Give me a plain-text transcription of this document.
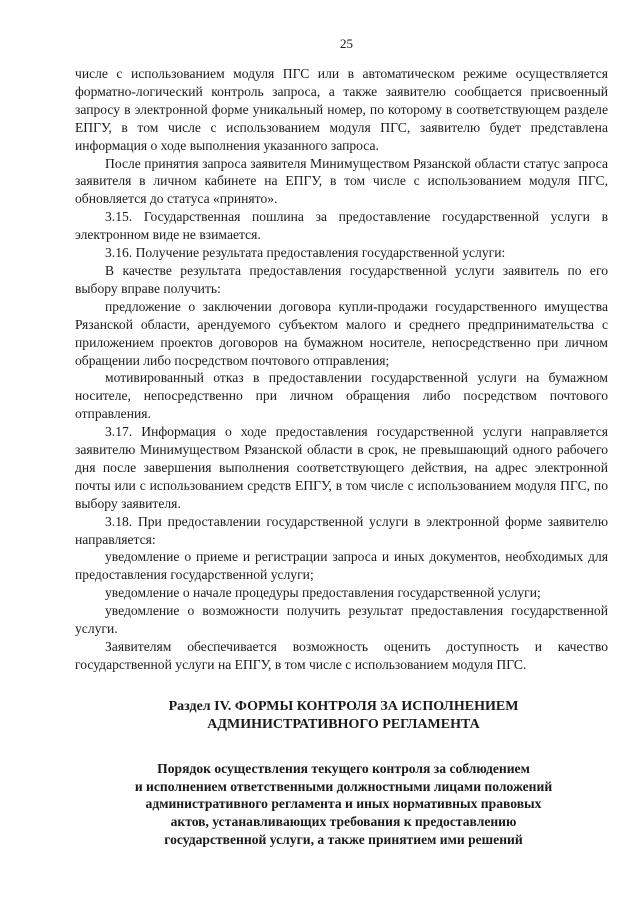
25

числе с использованием модуля ПГС или в автоматическом режиме осуществляется форматно-логический контроль запроса, а также заявителю сообщается присвоенный запросу в электронной форме уникальный номер, по которому в соответствующем разделе ЕПГУ, в том числе с использованием модуля ПГС, заявителю будет представлена информация о ходе выполнения указанного запроса.

После принятия запроса заявителя Минимуществом Рязанской области статус запроса заявителя в личном кабинете на ЕПГУ, в том числе с использованием модуля ПГС, обновляется до статуса «принято».

3.15. Государственная пошлина за предоставление государственной услуги в электронном виде не взимается.

3.16. Получение результата предоставления государственной услуги:

В качестве результата предоставления государственной услуги заявитель по его выбору вправе получить:

предложение о заключении договора купли-продажи государственного имущества Рязанской области, арендуемого субъектом малого и среднего предпринимательства с приложением проектов договоров на бумажном носителе, непосредственно при личном обращении либо посредством почтового отправления;

мотивированный отказ в предоставлении государственной услуги на бумажном носителе, непосредственно при личном обращения либо посредством почтового отправления.

3.17. Информация о ходе предоставления государственной услуги направляется заявителю Минимуществом Рязанской области в срок, не превышающий одного рабочего дня после завершения выполнения соответствующего действия, на адрес электронной почты или с использованием средств ЕПГУ, в том числе с использованием модуля ПГС, по выбору заявителя.

3.18. При предоставлении государственной услуги в электронной форме заявителю направляется:

уведомление о приеме и регистрации запроса и иных документов, необходимых для предоставления государственной услуги;

уведомление о начале процедуры предоставления государственной услуги;

уведомление о возможности получить результат предоставления государственной услуги.

Заявителям обеспечивается возможность оценить доступность и качество государственной услуги на ЕПГУ, в том числе с использованием модуля ПГС.

Раздел IV. ФОРМЫ КОНТРОЛЯ ЗА ИСПОЛНЕНИЕМ
АДМИНИСТРАТИВНОГО РЕГЛАМЕНТА
Порядок осуществления текущего контроля за соблюдением
и исполнением ответственными должностными лицами положений
административного регламента и иных нормативных правовых
актов, устанавливающих требования к предоставлению
государственной услуги, а также принятием ими решений
